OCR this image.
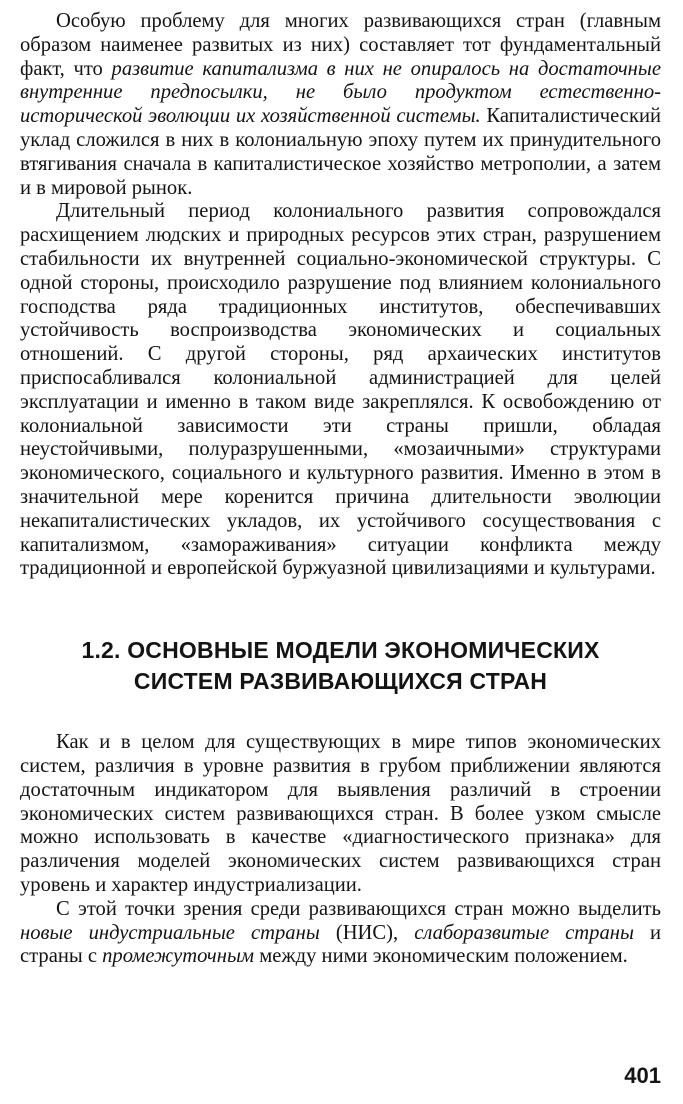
Особую проблему для многих развивающихся стран (главным образом наименее развитых из них) составляет тот фундаментальный факт, что развитие капитализма в них не опиралось на достаточные внутренние предпосылки, не было продуктом естественно-исторической эволюции их хозяйственной системы. Капиталистический уклад сложился в них в колониальную эпоху путем их принудительного втягивания сначала в капиталистическое хозяйство метрополии, а затем и в мировой рынок.

Длительный период колониального развития сопровождался расхищением людских и природных ресурсов этих стран, разрушением стабильности их внутренней социально-экономической структуры. С одной стороны, происходило разрушение под влиянием колониального господства ряда традиционных институтов, обеспечивавших устойчивость воспроизводства экономических и социальных отношений. С другой стороны, ряд архаических институтов приспосабливался колониальной администрацией для целей эксплуатации и именно в таком виде закреплялся. К освобождению от колониальной зависимости эти страны пришли, обладая неустойчивыми, полуразрушенными, «мозаичными» структурами экономического, социального и культурного развития. Именно в этом в значительной мере коренится причина длительности эволюции некапиталистических укладов, их устойчивого сосуществования с капитализмом, «замораживания» ситуации конфликта между традиционной и европейской буржуазной цивилизациями и культурами.

1.2. ОСНОВНЫЕ МОДЕЛИ ЭКОНОМИЧЕСКИХ
СИСТЕМ РАЗВИВАЮЩИХСЯ СТРАН

Как и в целом для существующих в мире типов экономических систем, различия в уровне развития в грубом приближении являются достаточным индикатором для выявления различий в строении экономических систем развивающихся стран. В более узком смысле можно использовать в качестве «диагностического признака» для различения моделей экономических систем развивающихся стран уровень и характер индустриализации.

С этой точки зрения среди развивающихся стран можно выделить новые индустриальные страны (НИС), слаборазвитые страны и страны с промежуточным между ними экономическим положением.

401
